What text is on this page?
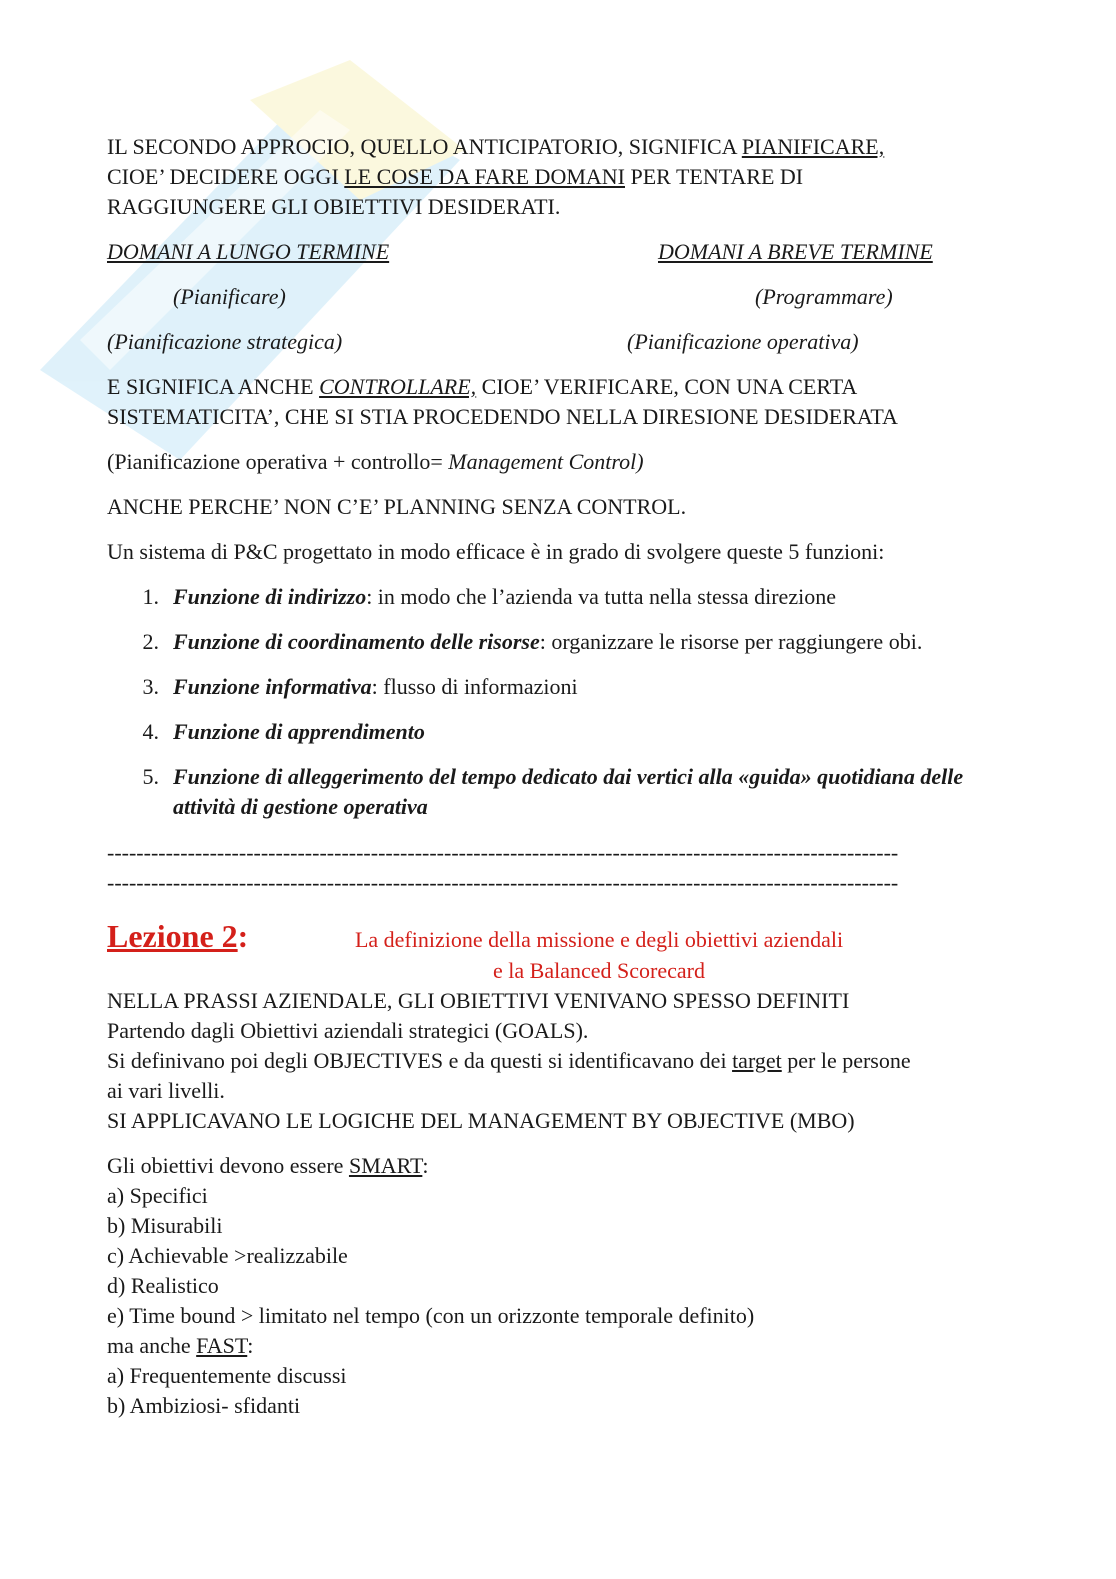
IL SECONDO APPROCIO, QUELLO ANTICIPATORIO, SIGNIFICA PIANIFICARE,
CIOE’ DECIDERE OGGI LE COSE DA FARE DOMANI PER TENTARE DI
RAGGIUNGERE GLI OBIETTIVI DESIDERATI.

DOMANI A LUNGO TERMINE	DOMANI A BREVE TERMINE
(Pianificare)	(Programmare)
(Pianificazione strategica)	(Pianificazione operativa)

E SIGNIFICA ANCHE CONTROLLARE, CIOE’ VERIFICARE, CON UNA CERTA
SISTEMATICITA’, CHE SI STIA PROCEDENDO NELLA DIRESIONE DESIDERATA

(Pianificazione operativa + controllo= Management Control)

ANCHE PERCHE’ NON C’E’ PLANNING SENZA CONTROL.

Un sistema di P&C progettato in modo efficace è in grado di svolgere queste 5 funzioni:

1. Funzione di indirizzo: in modo che l’azienda va tutta nella stessa direzione
2. Funzione di coordinamento delle risorse: organizzare le risorse per raggiungere obi.
3. Funzione informativa: flusso di informazioni
4. Funzione di apprendimento
5. Funzione di alleggerimento del tempo dedicato dai vertici alla «guida» quotidiana delle attività di gestione operativa
------------------------------------------------------------------------------------------------------------
------------------------------------------------------------------------------------------------------------
Lezione 2:	La definizione della missione e degli obiettivi aziendali
e la Balanced Scorecard
NELLA PRASSI AZIENDALE, GLI OBIETTIVI VENIVANO SPESSO DEFINITI
Partendo dagli Obiettivi aziendali strategici (GOALS).
Si definivano poi degli OBJECTIVES e da questi si identificavano dei target per le persone
ai vari livelli.
SI APPLICAVANO LE LOGICHE DEL MANAGEMENT BY OBJECTIVE (MBO)
Gli obiettivi devono essere SMART:
a) Specifici
b) Misurabili
c) Achievable >realizzabile
d) Realistico
e) Time bound > limitato nel tempo (con un orizzonte temporale definito)
ma anche FAST:
a) Frequentemente discussi
b) Ambiziosi- sfidanti
